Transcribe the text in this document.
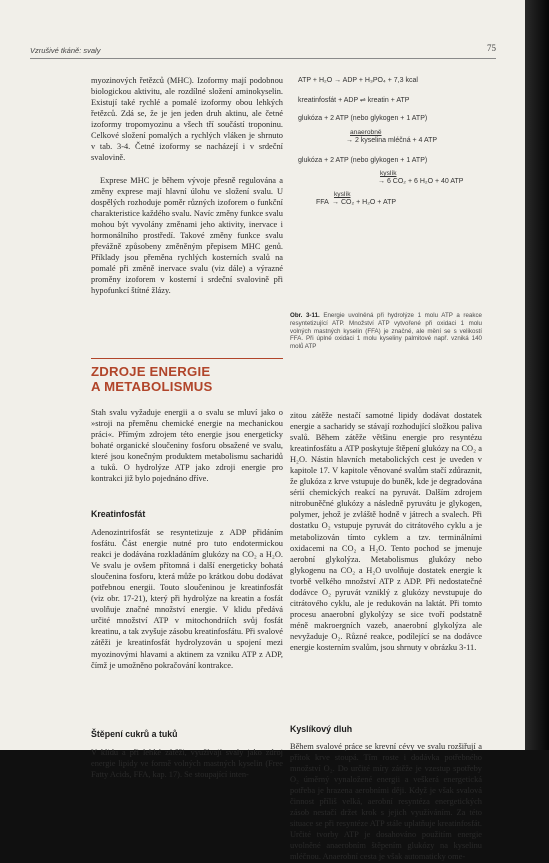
Vzrušivé tkáně: svaly	75

myozinových řetězců (MHC). Izoformy mají podobnou biologickou aktivitu, ale rozdílné složení aminokyselin. Existují také rychlé a pomalé izoformy obou lehkých řetězců. Zdá se, že je jen jeden druh aktinu, ale četné izoformy tropomyozinu a všech tří součástí troponinu. Celkové složení pomalých a rychlých vláken je shrnuto v tab. 3-4. Četné izoformy se nacházejí i v srdeční svalovině.

Exprese MHC je během vývoje přesně regulována a změny exprese mají hlavní úlohu ve složení svalu. U dospělých rozhoduje poměr různých izoforem o funkční charakteristice každého svalu. Navíc změny funkce svalu mohou být vyvolány změnami jeho aktivity, inervace i hormonálního prostředí. Takové změny funkce svalu převážně způsobeny změněným přepisem MHC genů. Příklady jsou přeměna rychlých kosterních svalů na pomalé při změně inervace svalu (viz dále) a výrazné proměny izoforem v kosterní i srdeční svalovině při hypofunkcí štítné žlázy.

ZDROJE ENERGIE

A METABOLISMUS

Stah svalu vyžaduje energii a o svalu se mluví jako o »stroji na přeměnu chemické energie na mechanickou práci«. Přímým zdrojem této energie jsou energeticky bohaté organické sloučeniny fosforu obsažené ve svalu, které jsou konečným produktem metabolismu sacharidů a tuků. O hydrolýze ATP jako zdroji energie pro kontrakci již bylo pojednáno dříve.

Kreatinfosfát

Adenozintrifosfát se resyntetizuje z ADP přidáním fosfátu. Část energie nutné pro tuto endotermickou reakci je dodávána rozkladáním glukózy na CO₂ a H₂O. Ve svalu je ovšem přítomná i další energeticky bohatá sloučenina fosforu, která může po krátkou dobu dodávat potřebnou energii. Touto sloučeninou je kreatinfosfát (viz obr. 17-21), který při hydrolýze na kreatin a fosfát uvolňuje značné množství energie. V klidu předává určité množství ATP v mitochondriích svůj fosfát kreatinu, a tak zvyšuje zásobu kreatinfosfátu. Při svalové zátěži je kreatinfosfát hydrolyzován u spojení mezi myozinovými hlavami a aktinem za vzniku ATP z ADP, čímž je umožněno pokračování kontrakce.

Štěpení cukrů a tuků

V klidu a při lehké zátěži, využívají svaly jako zdroj energie lipidy ve formě volných mastných kyselin (Free Fatty Acids, FFA, kap. 17). Se stoupající inten-

ATP + H₂O → ADP + H₃PO₄ + 7,3 kcal
kreatinfosfát + ADP ⇌ kreatin + ATP
glukóza + 2 ATP (nebo glykogen + 1 ATP)
anaerobně
→ 2 kyselina mléčná + 4 ATP
glukóza + 2 ATP (nebo glykogen + 1 ATP)
kyslík
→ 6 CO₂ + 6 H₂O + 40 ATP
FFA
kyslík
→ CO₂ + H₂O + ATP
Obr. 3-11. Energie uvolněná při hydrolýze 1 molu ATP a reakce resyntetizující ATP. Množství ATP vytvořené při oxidaci 1 molu volných mastných kyselin (FFA) je značné, ale mění se s velikostí FFA. Při úplné oxidaci 1 molu kyseliny palmitové např. vzniká 140 molů ATP

zitou zátěže nestačí samotné lipidy dodávat dostatek energie a sacharidy se stávají rozhodující složkou paliva svalů. Během zátěže většinu energie pro resyntézu kreatinfosfátu a ATP poskytuje štěpení glukózy na CO₂ a H₂O. Nástin hlavních metabolických cest je uveden v kapitole 17. V kapitole věnované svalům stačí zdůraznit, že glukóza z krve vstupuje do buněk, kde je degradována sérií chemických reakcí na pyruvát. Dalším zdrojem nitrobuněčné glukózy a následně pyruvátu je glykogen, polymer, jehož je zvláště hodně v játrech a svalech. Při dostatku O₂ vstupuje pyruvát do citrátového cyklu a je metabolizován tímto cyklem a tzv. terminálními oxidacemi na CO₂ a H₂O. Tento pochod se jmenuje aerobní glykolýza. Metabolismus glukózy nebo glykogenu na CO₂ a H₂O uvolňuje dostatek energie k tvorbě velkého množství ATP z ADP. Při nedostatečné dodávce O₂ pyruvát vzniklý z glukózy nevstupuje do citrátového cyklu, ale je redukován na laktát. Při tomto procesu anaerobní glykolýzy se sice tvoří podstatně méně makroergních vazeb, anaerobní glykolýza ale nevyžaduje O₂. Různé reakce, podílející se na dodávce energie kosterním svalům, jsou shrnuty v obrázku 3-11.

Kyslíkový dluh

Během svalové práce se krevní cévy ve svalu rozšiřují a přítok krve stoupá. Tím roste i dodávka potřebného množství O₂. Do určité míry zátěže je vzestup spotřeby O₂ úměrný vynaložené energii a veškerá energetická potřeba je hrazena aerobními ději. Když je však svalová činnost příliš velká, aerobní resyntéza energetických zásob nestačí držet krok s jejich využíváním. Za této situace se při resyntéze ATP stále uplatňuje kreatinfosfát. Určité tvorby ATP je dosahováno použitím energie uvolněné anaerobním štěpením glukózy na kyselinu mléčnou. Anaerobní cesta je však automaticky ome-
